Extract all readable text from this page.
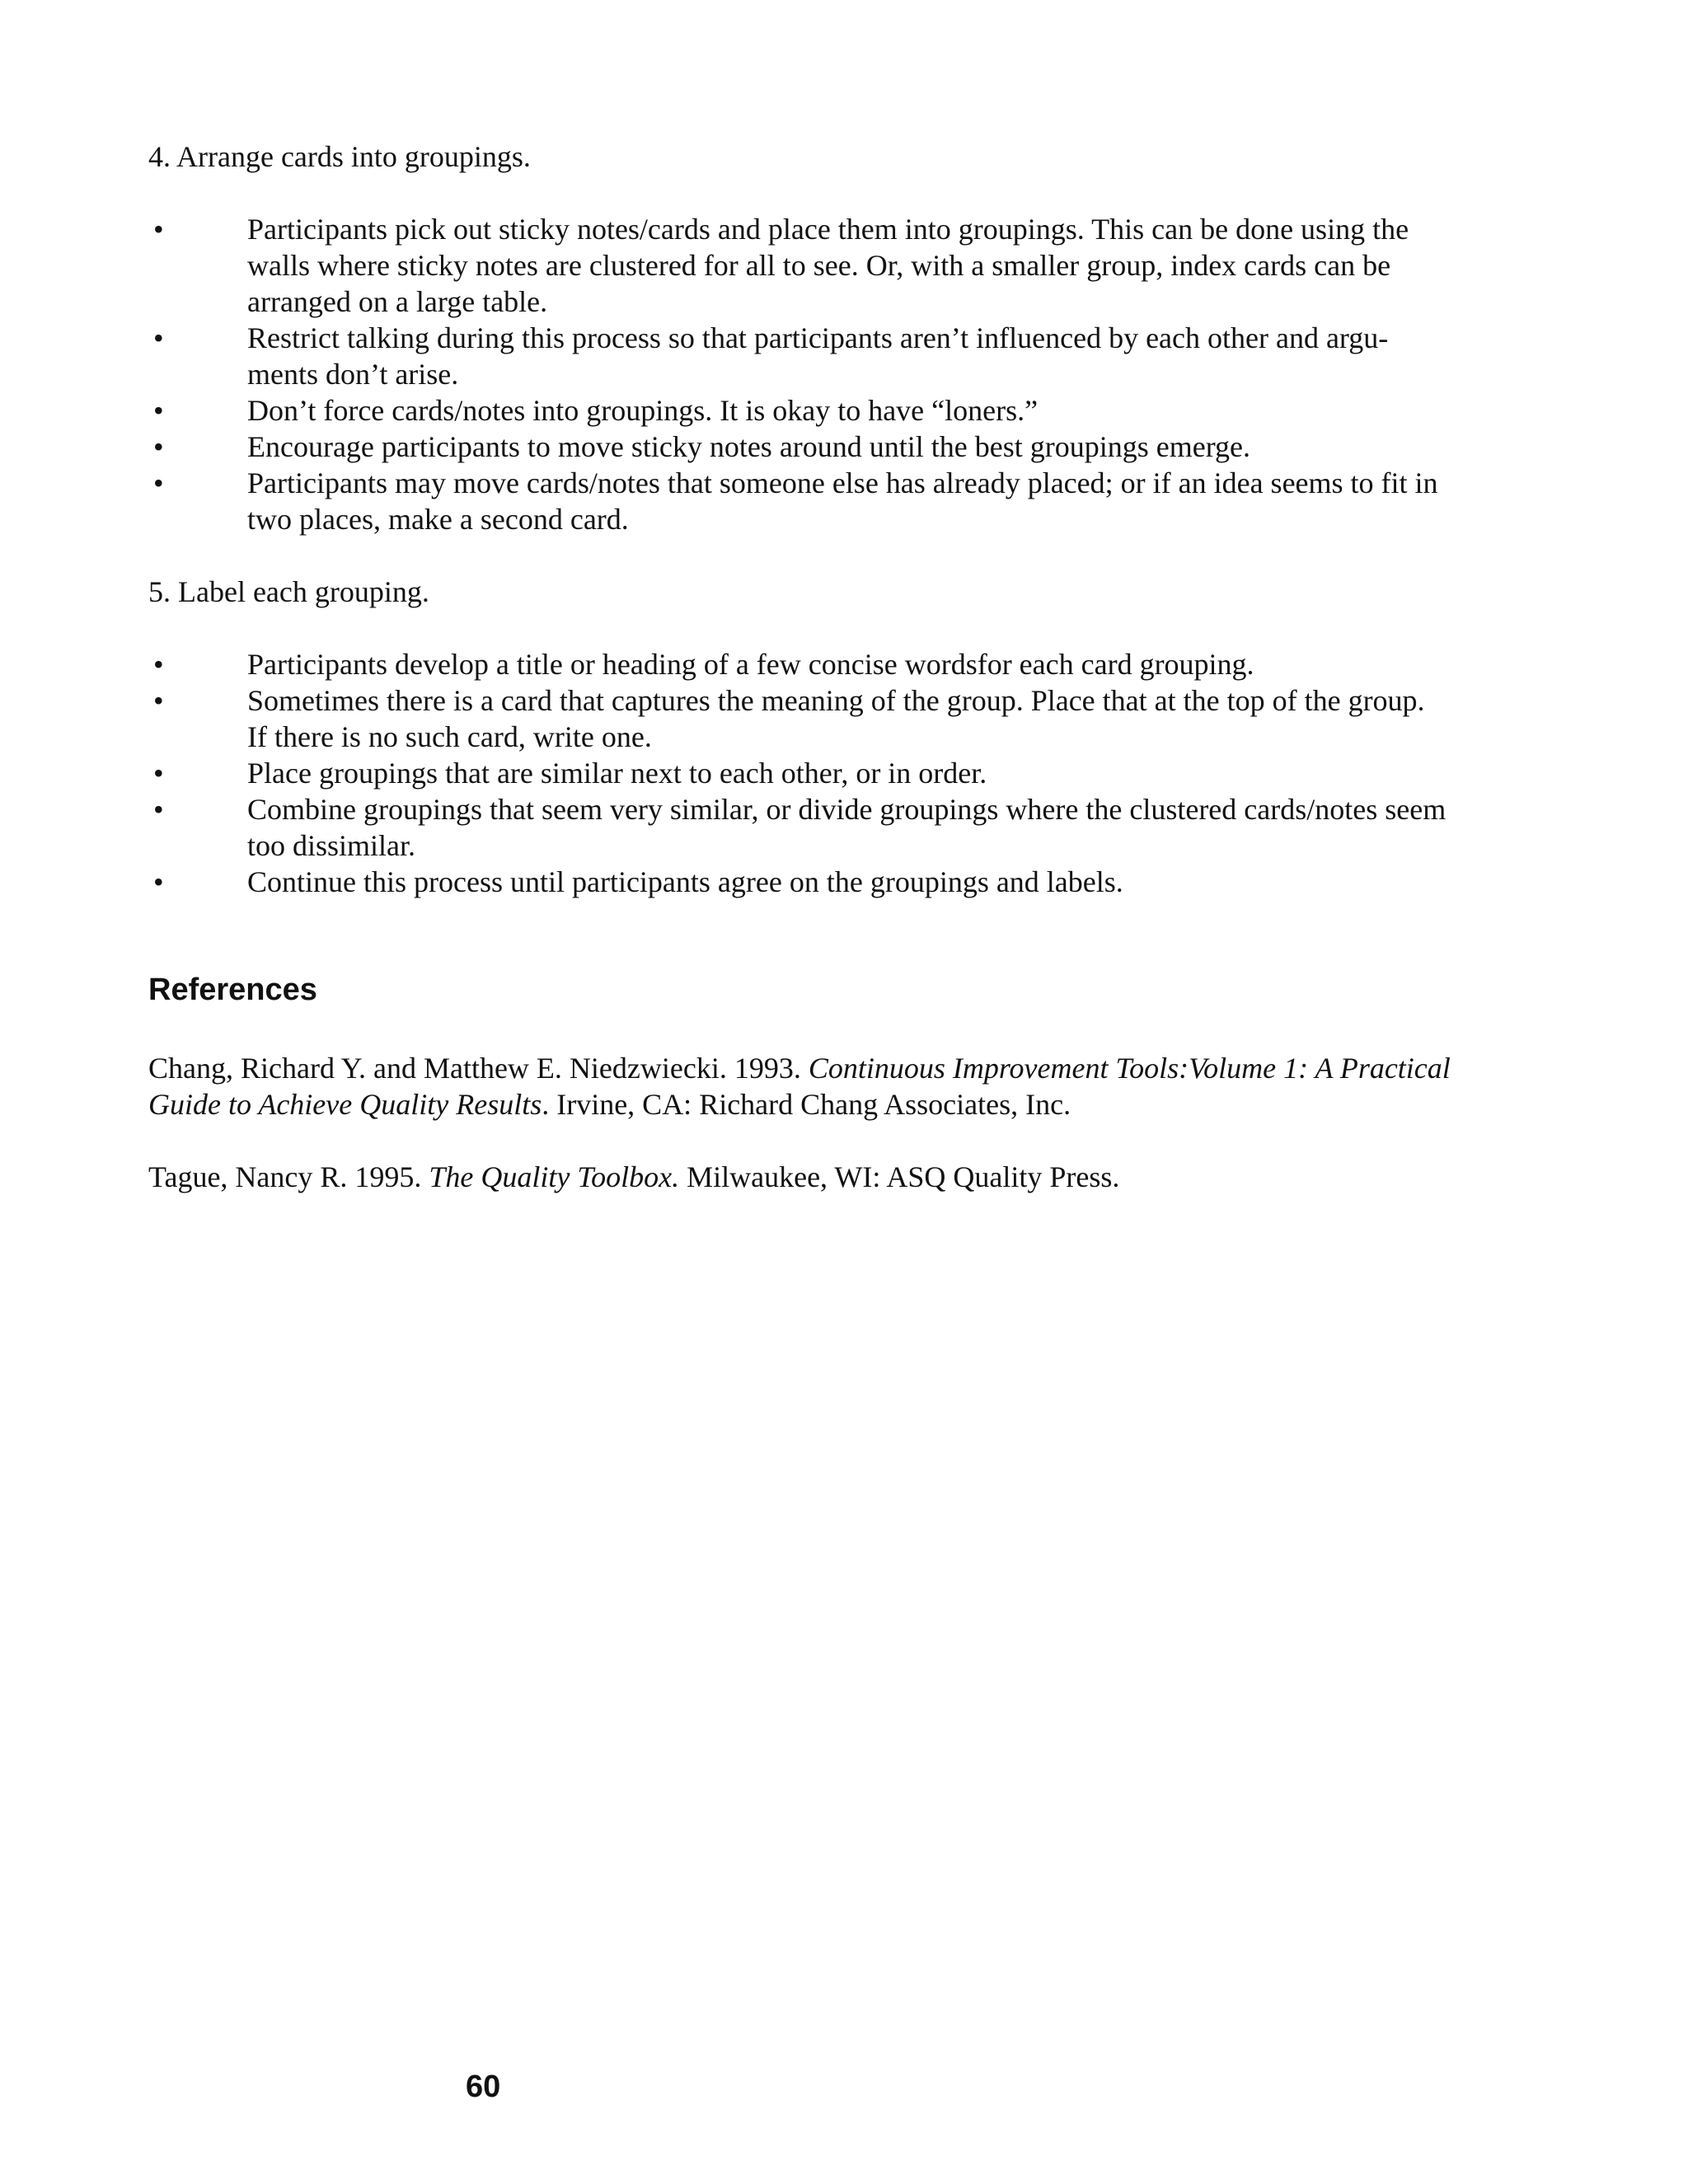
4. Arrange cards into groupings.

•	Participants pick out sticky notes/cards and place them into groupings. This can be done using the walls where sticky notes are clustered for all to see. Or, with a smaller group, index cards can be arranged on a large table.
•	Restrict talking during this process so that participants aren’t influenced by each other and argu- ments don’t arise.
•	Don’t force cards/notes into groupings. It is okay to have “loners.”
•	Encourage participants to move sticky notes around until the best groupings emerge.
•	Participants may move cards/notes that someone else has already placed; or if an idea seems to fit in two places, make a second card.

5. Label each grouping.

•	Participants develop a title or heading of a few concise wordsfor each card grouping.
•	Sometimes there is a card that captures the meaning of the group. Place that at the top of the group. If there is no such card, write one.
•	Place groupings that are similar next to each other, or in order.
•	Combine groupings that seem very similar, or divide groupings where the clustered cards/notes seem too dissimilar.
•	Continue this process until participants agree on the groupings and labels.
References

Chang, Richard Y. and Matthew E. Niedzwiecki. 1993. Continuous Improvement Tools:Volume 1: A Practical Guide to Achieve Quality Results. Irvine, CA: Richard Chang Associates, Inc.

Tague, Nancy R. 1995. The Quality Toolbox. Milwaukee, WI: ASQ Quality Press.

60
